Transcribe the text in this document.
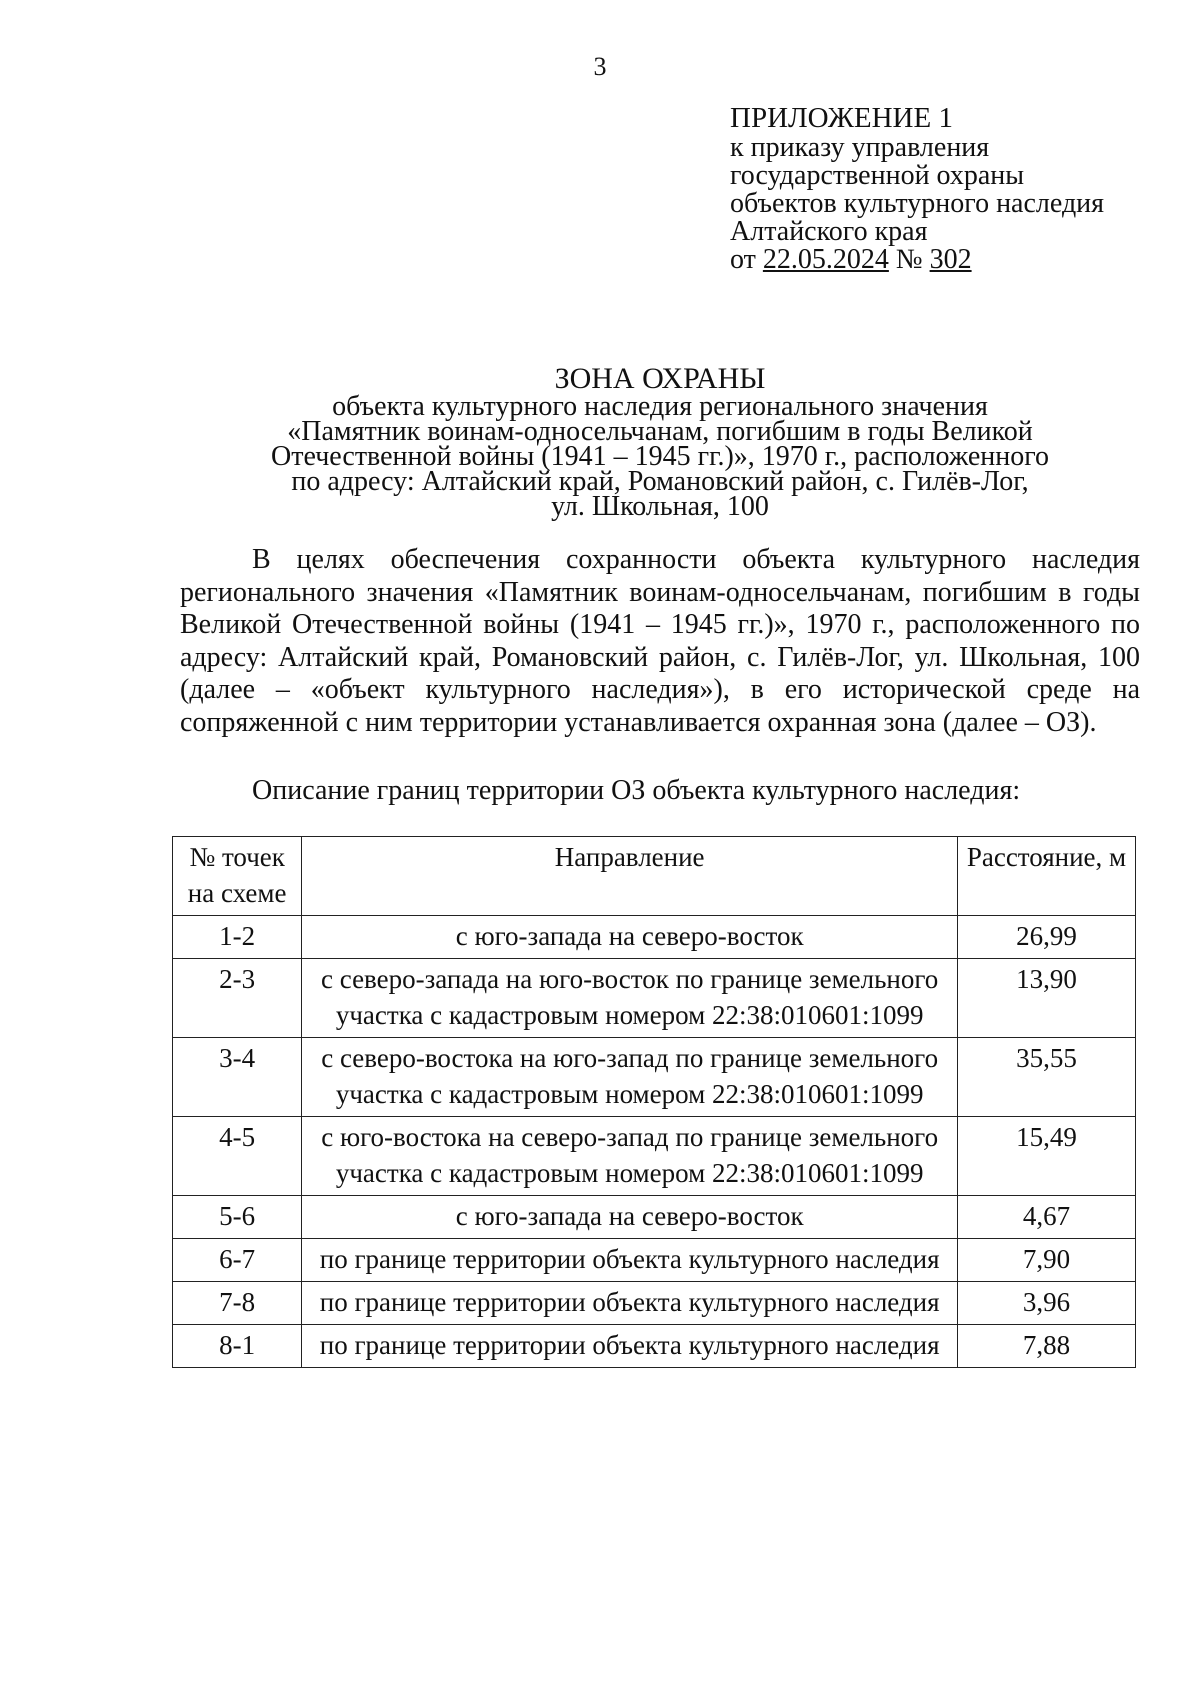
3
ПРИЛОЖЕНИЕ 1
к приказу управления
государственной охраны
объектов культурного наследия
Алтайского края
от 22.05.2024 № 302
ЗОНА ОХРАНЫ
объекта культурного наследия регионального значения
«Памятник воинам-односельчанам, погибшим в годы Великой
Отечественной войны (1941 – 1945 гг.)», 1970 г., расположенного
по адресу: Алтайский край, Романовский район, с. Гилёв-Лог,
ул. Школьная, 100

В целях обеспечения сохранности объекта культурного наследия регионального значения «Памятник воинам-односельчанам, погибшим в годы Великой Отечественной войны (1941 – 1945 гг.)», 1970 г., расположенного по адресу: Алтайский край, Романовский район, с. Гилёв-Лог, ул. Школьная, 100 (далее – «объект культурного наследия»), в его исторической среде на сопряженной с ним территории устанавливается охранная зона (далее – ОЗ).

Описание границ территории ОЗ объекта культурного наследия:
№ точек на схеме	Направление	Расстояние, м
1-2	с юго-запада на северо-восток	26,99
2-3	с северо-запада на юго-восток по границе земельного участка с кадастровым номером 22:38:010601:1099	13,90
3-4	с северо-востока на юго-запад по границе земельного участка с кадастровым номером 22:38:010601:1099	35,55
4-5	с юго-востока на северо-запад по границе земельного участка с кадастровым номером 22:38:010601:1099	15,49
5-6	с юго-запада на северо-восток	4,67
6-7	по границе территории объекта культурного наследия	7,90
7-8	по границе территории объекта культурного наследия	3,96
8-1	по границе территории объекта культурного наследия	7,88
